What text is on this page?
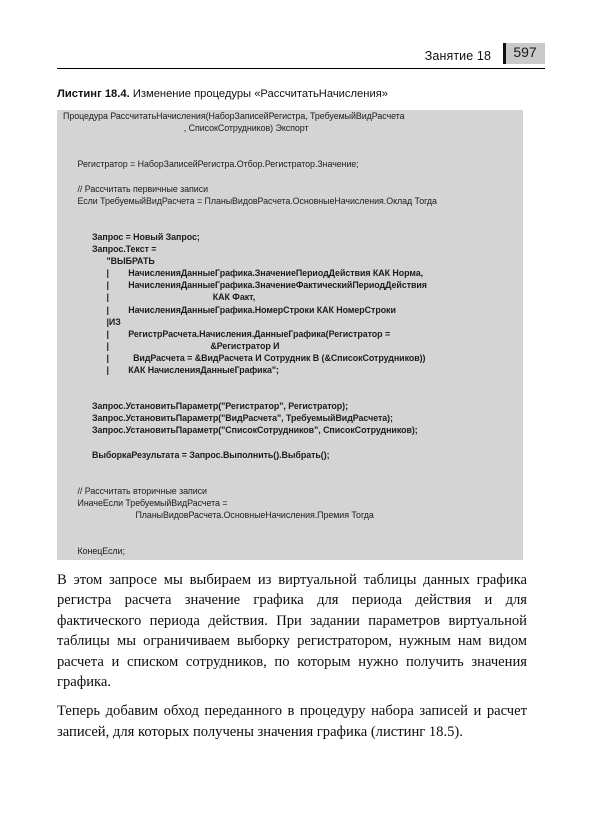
Занятие 18	597
Листинг 18.4. Изменение процедуры «РассчитатьНачисления»
Процедура РассчитатьНачисления(НаборЗаписейРегистра, ТребуемыйВидРасчета
, СписокСотрудников) Экспорт

Регистратор = НаборЗаписейРегистра.Отбор.Регистратор.Значение;

// Рассчитать первичные записи
Если ТребуемыйВидРасчета = ПланыВидовРасчета.ОсновныеНачисления.Оклад Тогда

Запрос = Новый Запрос;
Запрос.Текст =
"ВЫБРАТЬ
|        НачисленияДанныеГрафика.ЗначениеПериодДействия КАК Норма,
|        НачисленияДанныеГрафика.ЗначениеФактическийПериодДействия
|                                           КАК Факт,
|        НачисленияДанныеГрафика.НомерСтроки КАК НомерСтроки
|ИЗ
|        РегистрРасчета.Начисления.ДанныеГрафика(Регистратор =
|                                          &Регистратор И
|          ВидРасчета = &ВидРасчета И Сотрудник В (&СписокСотрудников))
|        КАК НачисленияДанныеГрафика";

Запрос.УстановитьПараметр("Регистратор", Регистратор);
Запрос.УстановитьПараметр("ВидРасчета", ТребуемыйВидРасчета);
Запрос.УстановитьПараметр("СписокСотрудников", СписокСотрудников);

ВыборкаРезультата = Запрос.Выполнить().Выбрать();

// Рассчитать вторичные записи
ИначеЕсли ТребуемыйВидРасчета =
ПланыВидовРасчета.ОсновныеНачисления.Премия Тогда

КонецЕсли;

В этом запросе мы выбираем из виртуальной таблицы данных графика регистра расчета значение графика для периода действия и для фактического периода действия. При задании параметров виртуальной таблицы мы ограничиваем выборку регистратором, нужным нам видом расчета и списком сотрудников, по которым нужно получить значения графика.

Теперь добавим обход переданного в процедуру набора записей и расчет записей, для которых получены значения графика (листинг 18.5).
